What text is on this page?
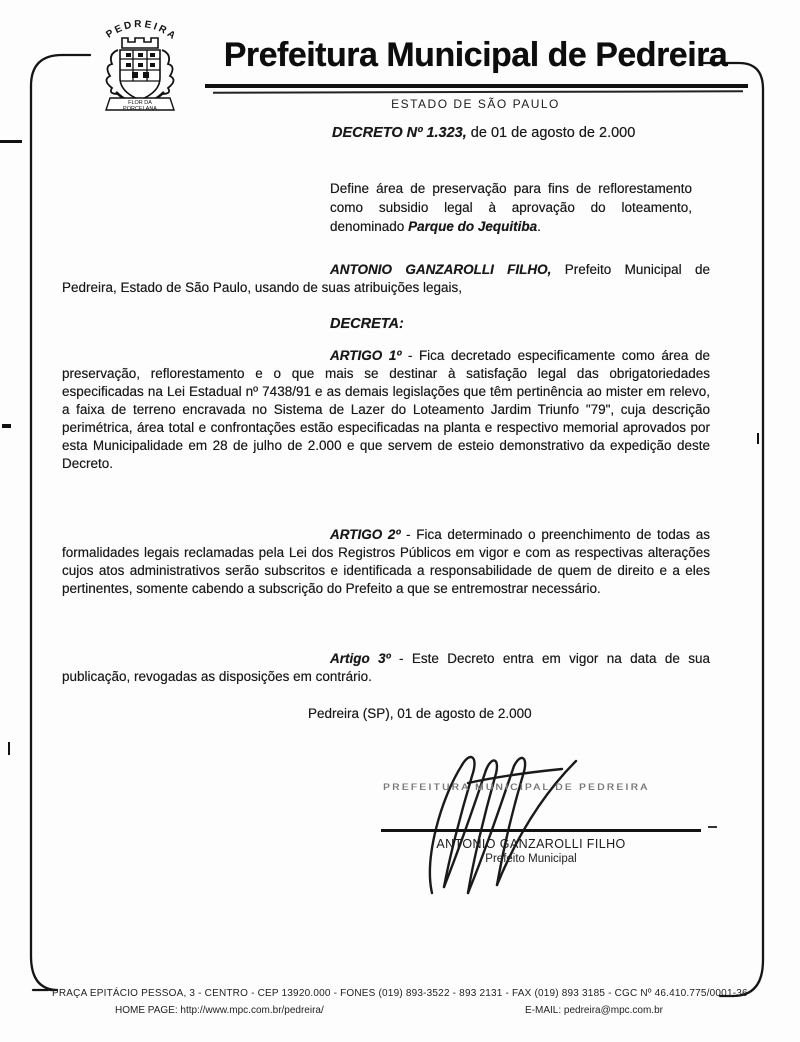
PEDREIRA
FLOR DA
PORCELANA
Prefeitura Municipal de Pedreira
ESTADO DE SÃO PAULO
DECRETO Nº 1.323, de 01 de agosto de 2.000
Define área de preservação para fins de reflorestamento como subsidio legal à aprovação do loteamento, denominado Parque do Jequitiba.
ANTONIO GANZAROLLI FILHO, Prefeito Municipal de Pedreira, Estado de São Paulo, usando de suas atribuições legais,
DECRETA:
ARTIGO 1º - Fica decretado especificamente como área de preservação, reflorestamento e o que mais se destinar à satisfação legal das obrigatoriedades especificadas na Lei Estadual nº 7438/91 e as demais legislações que têm pertinência ao mister em relevo, a faixa de terreno encravada no Sistema de Lazer do Loteamento Jardim Triunfo "79", cuja descrição perimétrica, área total e confrontações estão especificadas na planta e respectivo memorial aprovados por esta Municipalidade em 28 de julho de 2.000 e que servem de esteio demonstrativo da expedição deste Decreto.
ARTIGO 2º - Fica determinado o preenchimento de todas as formalidades legais reclamadas pela Lei dos Registros Públicos em vigor e com as respectivas alterações cujos atos administrativos serão subscritos e identificada a responsabilidade de quem de direito e a eles pertinentes, somente cabendo a subscrição do Prefeito a que se entremostrar necessário.
Artigo 3º - Este Decreto entra em vigor na data de sua publicação, revogadas as disposições em contrário.
Pedreira (SP), 01 de agosto de 2.000
PREFEITURA MUNICIPAL DE PEDREIRA
ANTONIO GANZAROLLI FILHO
Prefeito Municipal
PRAÇA EPITÁCIO PESSOA, 3 - CENTRO - CEP 13920.000 - FONES (019) 893-3522 - 893 2131 - FAX (019) 893 3185 - CGC Nº 46.410.775/0001-36
HOME PAGE: http://www.mpc.com.br/pedreira/	E-MAIL: pedreira@mpc.com.br
